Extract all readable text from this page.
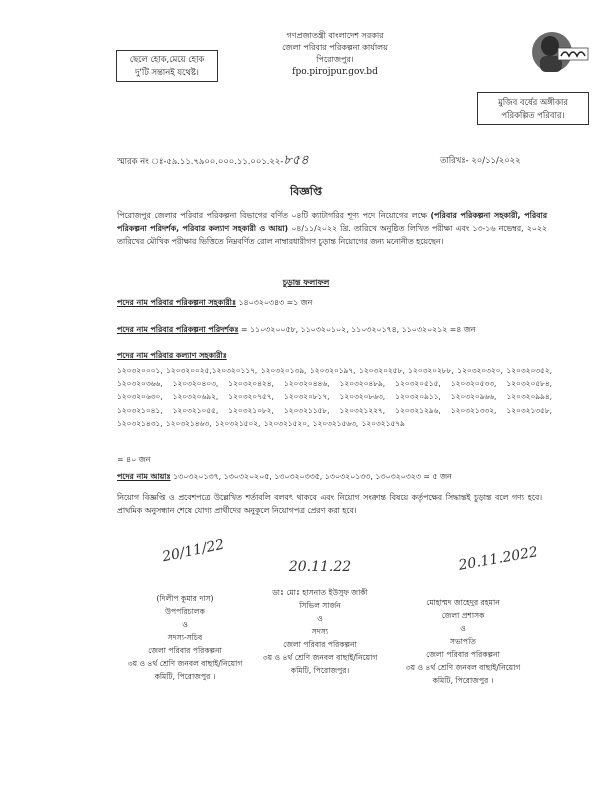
ছেলে হোক,মেয়ে হোক
দু'টি সন্তানই যথেষ্ট।
গণপ্রজাতন্ত্রী বাংলাদেশ সরকার
জেলা পরিবার পরিকল্পনা কার্যালয়
পিরোজপুর।
fpo.pirojpur.gov.bd
মুজিব বর্ষের অঙ্গীকার
পরিকল্পিত পরিবার।
স্মারক নং ঃ-৫৯.১১.৭৯০০.০০০.১১.০০১.২২-৮৫৪	তারিখঃ- ২০/১১/২০২২
বিজ্ঞপ্তি
পিরোজপুর জেলার পরিবার পরিকল্পনা বিভাগের বর্ণিত ০৪টি ক্যাটাগরির শূণ্য পদে নিয়োগের লক্ষে (পরিবার পরিকল্পনা সহকারী, পরিবার পরিকল্পনা পরিদর্শক, পরিবার কল্যাণ সহকারী ও আয়া) ০৪/১১/২০২২ খ্রি. তারিখে অনুষ্ঠিত লিখিত পরীক্ষা এবং ১৩-১৬ নভেম্বর, ২০২২ তারিখের মৌখিক পরীক্ষার ভিত্তিতে নিম্নবর্ণিত রোল নাম্বারধারীগণ চুড়ান্ত নিয়োগের জন্য মনোনীত হয়েছেন।
চুড়ান্ত ফলাফল
পদের নাম পরিবার পরিকল্পনা সহকারীঃ ১৪০৩২০৩৪৩ =১ জন
পদের নাম পরিবার পরিকল্পনা পরিদর্শকঃ = ১১০৩২০০৫৮, ১১০৩২০১০২, ১১০৩২০১৭৪, ১১০৩২০২১২ =৪ জন
পদের নাম পরিবার কল্যাণ সহকারীঃ
১২০৩২০০০১, ১২০৩২০০২৫,১২০৩২০১১৭, ১২০৩২০১৩৯, ১২০৩২০১৯৭, ১২০৩২০২৫৮, ১২০৩২০২৮৮, ১২০৩২০৩২০, ১২০৩২০৩৫২, ১২০৩২০৩৬৬, ১২০৩২০৪০৩, ১২০৩২০৪২৪, ১২০৩২০৪৪৬, ১২০৩২০৪৮৯, ১২০৩২০৫১৫, ১২০৩২০৫৩৩, ১২০৩২০৫৮৪, ১২০৩২০৬৩০, ১২০৩২০৬৯২, ১২০৩২০৭৫৭, ১২০৩২০৮১৭, ১২০৩২০৮৬৩, ১২০৩২০৯১১, ১২০৩২০৯৬৬, ১২০৩২০৯৯৪, ১২০৩২১০৪১, ১২০৩২১০৫৫, ১২০৩২১০৮২, ১২০৩২১১৫৮, ১২০৩২১২২৭, ১২০৩২১২৯৬, ১২০৩২১৩৩২, ১২০৩২১৩৫৮, ১২০৩২১৪৩১, ১২০৩২১৪৬৩, ১২০৩২১৫০২, ১২০৩২১৫২০, ১২০৩২১৫৬৩, ১২০৩২১৫৭৯
= ৪০ জন
পদের নাম আয়াঃ ১৩০৩২০১৩৭, ১৩০৩২০২০৫, ১৩০৩২০৩৩৫, ১৩০৩২০১৩৩, ১৩০৩২০৩২৩ = ৫ জন
নিয়োগ বিজ্ঞপ্তি ও প্রবেশপত্রে উল্লেখিত শর্তাবলি বলবৎ থাকবে এবং নিয়োগ সংক্রান্ত বিষয়ে কর্তৃপক্ষের সিদ্ধান্তই চুড়ান্ত বলে গণ্য হবে। প্রাথমিক অনুসন্ধান শেষে যোগ্য প্রার্থীদের অনুকূলে নিয়োগপত্র প্রেরণ করা হবে।
20/11/22
(দিলীপ কুমার দাস)
উপপরিচালক
ও
সদস্য-সচিব
জেলা পরিবার পরিকল্পনা
৩য় ও ৪র্থ শ্রেণি জনবল বাছাই/নিয়োগ
কমিটি, পিরোজপুর ।
20.11.22
ডাঃ মোঃ হাসনাত ইউসুফ জাকী
সিভিল সার্জন
ও
সদস্য
জেলা পরিবার পরিকল্পনা
৩য় ও ৪র্থ শ্রেণি জনবল বাছাই/নিয়োগ
কমিটি, পিরোজপুর।
20.11.2022
মোহাম্মদ জাহেদুর রহমান
জেলা প্রশাসক
ও
সভাপতি
জেলা পরিবার পরিকল্পনা
৩য় ও ৪র্থ শ্রেণি জনবল বাছাই/নিয়োগ
কমিটি, পিরোজপুর ।
